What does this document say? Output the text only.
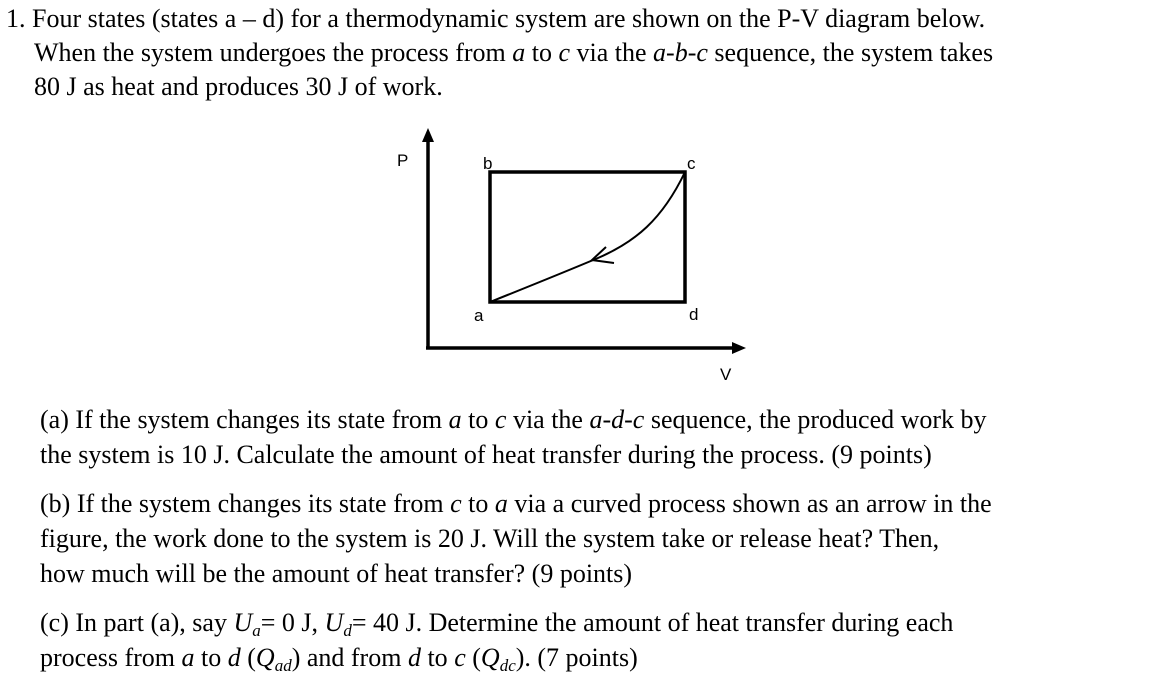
1. Four states (states a – d) for a thermodynamic system are shown on the P-V diagram below.
When the system undergoes the process from a to c via the a-b-c sequence, the system takes
80 J as heat and produces 30 J of work.
P
V
a
b	c
d

(a) If the system changes its state from a to c via the a-d-c sequence, the produced work by
the system is 10 J. Calculate the amount of heat transfer during the process. (9 points)

(b) If the system changes its state from c to a via a curved process shown as an arrow in the
figure, the work done to the system is 20 J. Will the system take or release heat? Then,
how much will be the amount of heat transfer? (9 points)

(c) In part (a), say $U_a= 0$ J, $U_d= 40$ J. Determine the amount of heat transfer during each
process from a to d $(Q_{ad})$ and from d to c $(Q_{dc})$. (7 points)
